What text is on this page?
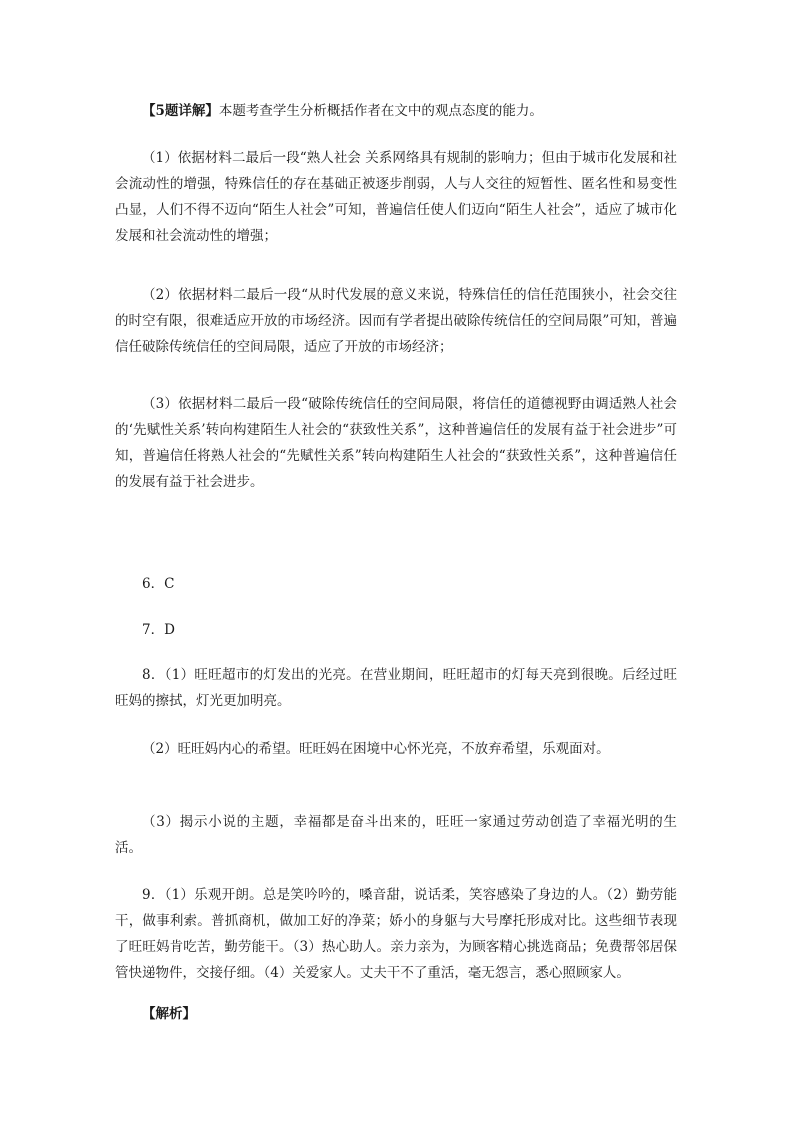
【5题详解】本题考查学生分析概括作者在文中的观点态度的能力。

（1）依据材料二最后一段“熟人社会 关系网络具有规制的影响力；但由于城市化发展和社会流动性的增强，特殊信任的存在基础正被逐步削弱，人与人交往的短暂性、匿名性和易变性凸显，人们不得不迈向“陌生人社会”可知，普遍信任使人们迈向“陌生人社会”，适应了城市化发展和社会流动性的增强；

（2）依据材料二最后一段“从时代发展的意义来说，特殊信任的信任范围狭小，社会交往的时空有限，很难适应开放的市场经济。因而有学者提出破除传统信任的空间局限”可知，普遍信任破除传统信任的空间局限，适应了开放的市场经济；

（3）依据材料二最后一段“破除传统信任的空间局限，将信任的道德视野由调适熟人社会的‘先赋性关系’转向构建陌生人社会的“获致性关系”，这种普遍信任的发展有益于社会进步”可知，普遍信任将熟人社会的“先赋性关系”转向构建陌生人社会的“获致性关系”，这种普遍信任的发展有益于社会进步。

6．C

7．D

8．（1）旺旺超市的灯发出的光亮。在营业期间，旺旺超市的灯每天亮到很晚。后经过旺旺妈的擦拭，灯光更加明亮。

（2）旺旺妈内心的希望。旺旺妈在困境中心怀光亮，不放弃希望，乐观面对。

（3）揭示小说的主题，幸福都是奋斗出来的，旺旺一家通过劳动创造了幸福光明的生活。

9．（1）乐观开朗。总是笑吟吟的，嗓音甜，说话柔，笑容感染了身边的人。（2）勤劳能干，做事利索。普抓商机，做加工好的净菜；娇小的身躯与大号摩托形成对比。这些细节表现了旺旺妈肯吃苦，勤劳能干。（3）热心助人。亲力亲为，为顾客精心挑选商品；免费帮邻居保管快递物件，交接仔细。（4）关爱家人。丈夫干不了重活，毫无怨言，悉心照顾家人。

【解析】
